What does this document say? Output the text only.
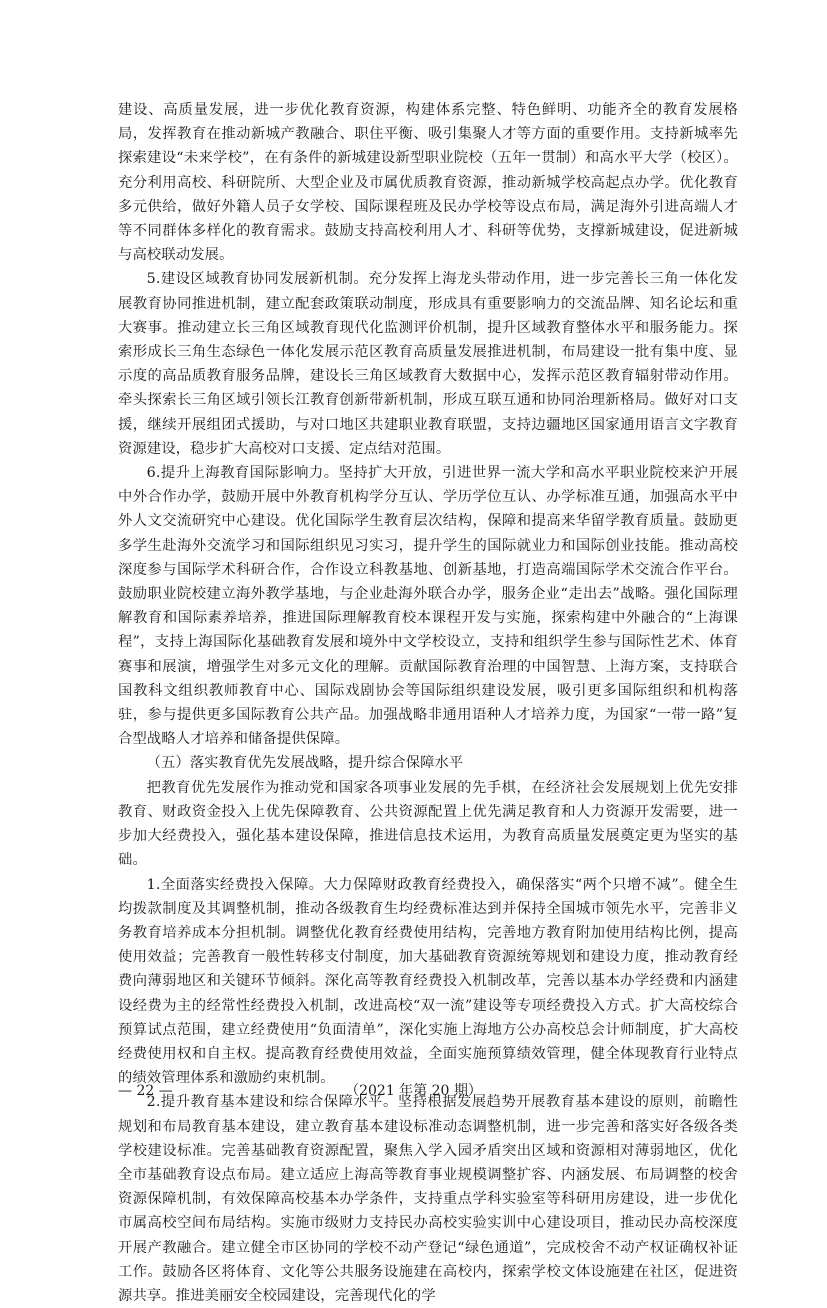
建设、高质量发展，进一步优化教育资源，构建体系完整、特色鲜明、功能齐全的教育发展格局，发挥教育在推动新城产教融合、职住平衡、吸引集聚人才等方面的重要作用。支持新城率先探索建设“未来学校”，在有条件的新城建设新型职业院校（五年一贯制）和高水平大学（校区）。充分利用高校、科研院所、大型企业及市属优质教育资源，推动新城学校高起点办学。优化教育多元供给，做好外籍人员子女学校、国际课程班及民办学校等设点布局，满足海外引进高端人才等不同群体多样化的教育需求。鼓励支持高校利用人才、科研等优势，支撑新城建设，促进新城与高校联动发展。

5.建设区域教育协同发展新机制。充分发挥上海龙头带动作用，进一步完善长三角一体化发展教育协同推进机制，建立配套政策联动制度，形成具有重要影响力的交流品牌、知名论坛和重大赛事。推动建立长三角区域教育现代化监测评价机制，提升区域教育整体水平和服务能力。探索形成长三角生态绿色一体化发展示范区教育高质量发展推进机制，布局建设一批有集中度、显示度的高品质教育服务品牌，建设长三角区域教育大数据中心，发挥示范区教育辐射带动作用。牵头探索长三角区域引领长江教育创新带新机制，形成互联互通和协同治理新格局。做好对口支援，继续开展组团式援助，与对口地区共建职业教育联盟，支持边疆地区国家通用语言文字教育资源建设，稳步扩大高校对口支援、定点结对范围。

6.提升上海教育国际影响力。坚持扩大开放，引进世界一流大学和高水平职业院校来沪开展中外合作办学，鼓励开展中外教育机构学分互认、学历学位互认、办学标准互通，加强高水平中外人文交流研究中心建设。优化国际学生教育层次结构，保障和提高来华留学教育质量。鼓励更多学生赴海外交流学习和国际组织见习实习，提升学生的国际就业力和国际创业技能。推动高校深度参与国际学术科研合作，合作设立科教基地、创新基地，打造高端国际学术交流合作平台。鼓励职业院校建立海外教学基地，与企业赴海外联合办学，服务企业“走出去”战略。强化国际理解教育和国际素养培养，推进国际理解教育校本课程开发与实施，探索构建中外融合的“上海课程”，支持上海国际化基础教育发展和境外中文学校设立，支持和组织学生参与国际性艺术、体育赛事和展演，增强学生对多元文化的理解。贡献国际教育治理的中国智慧、上海方案，支持联合国教科文组织教师教育中心、国际戏剧协会等国际组织建设发展，吸引更多国际组织和机构落驻，参与提供更多国际教育公共产品。加强战略非通用语种人才培养力度，为国家“一带一路”复合型战略人才培养和储备提供保障。

（五）落实教育优先发展战略，提升综合保障水平

把教育优先发展作为推动党和国家各项事业发展的先手棋，在经济社会发展规划上优先安排教育、财政资金投入上优先保障教育、公共资源配置上优先满足教育和人力资源开发需要，进一步加大经费投入，强化基本建设保障，推进信息技术运用，为教育高质量发展奠定更为坚实的基础。

1.全面落实经费投入保障。大力保障财政教育经费投入，确保落实“两个只增不减”。健全生均拨款制度及其调整机制，推动各级教育生均经费标准达到并保持全国城市领先水平，完善非义务教育培养成本分担机制。调整优化教育经费使用结构，完善地方教育附加使用结构比例，提高使用效益；完善教育一般性转移支付制度，加大基础教育资源统筹规划和建设力度，推动教育经费向薄弱地区和关键环节倾斜。深化高等教育经费投入机制改革，完善以基本办学经费和内涵建设经费为主的经常性经费投入机制，改进高校“双一流”建设等专项经费投入方式。扩大高校综合预算试点范围，建立经费使用“负面清单”，深化实施上海地方公办高校总会计师制度，扩大高校经费使用权和自主权。提高教育经费使用效益，全面实施预算绩效管理，健全体现教育行业特点的绩效管理体系和激励约束机制。

2.提升教育基本建设和综合保障水平。坚持根据发展趋势开展教育基本建设的原则，前瞻性规划和布局教育基本建设，建立教育基本建设标准动态调整机制，进一步完善和落实好各级各类学校建设标准。完善基础教育资源配置，聚焦入学入园矛盾突出区域和资源相对薄弱地区，优化全市基础教育设点布局。建立适应上海高等教育事业规模调整扩容、内涵发展、布局调整的校舍资源保障机制，有效保障高校基本办学条件，支持重点学科实验室等科研用房建设，进一步优化市属高校空间布局结构。实施市级财力支持民办高校实验实训中心建设项目，推动民办高校深度开展产教融合。建立健全市区协同的学校不动产登记“绿色通道”，完成校舍不动产权证确权补证工作。鼓励各区将体育、文化等公共服务设施建在高校内，探索学校文体设施建在社区，促进资源共享。推进美丽安全校园建设，完善现代化的学

— 22 —	（2021 年第 20 期）
